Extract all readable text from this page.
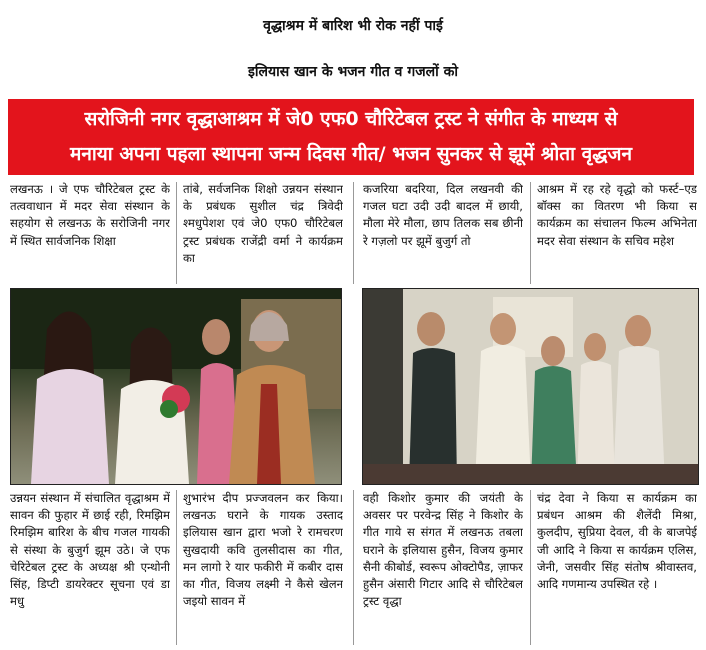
वृद्धाश्रम में बारिश भी रोक नहीं पाई
इलियास खान के भजन गीत व गजलों को
सरोजिनी नगर वृद्धाआश्रम में जे0 एफ0 चौरिटेबल ट्रस्ट ने संगीत के माध्यम से
मनाया अपना पहला स्थापना जन्म दिवस गीत/ भजन सुनकर से झूमें श्रोता वृद्धजन

लखनऊ । जे एफ चौरिटेबल ट्रस्ट के तत्ववाधान में मदर सेवा संस्थान के सहयोग से लखनऊ के सरोजिनी नगर में स्थित सार्वजनिक शिक्षा

तांबे, सर्वजनिक शिक्षो उन्नयन संस्थान के प्रबंधक सुशील चंद्र त्रिवेदी श्मधुपेशश एवं जे0 एफ0 चौरिटेबल ट्रस्ट प्रबंधक राजेंद्री वर्मा ने कार्यक्रम का

कजरिया बदरिया, दिल लखनवी की गजल घटा उदी उदी बादल में छायी, मौला मेरे मौला, छाप तिलक सब छीनी रे गज़लो पर झूमें बुजुर्ग तो

आश्रम में रह रहे वृद्धो को फर्स्ट–एड बॉक्स का वितरण भी किया स कार्यक्रम का संचालन फिल्म अभिनेता मदर सेवा संस्थान के सचिव महेश

उन्नयन संस्थान में संचालित वृद्धाश्रम में सावन की फुहार में छाई रही, रिमझिम रिमझिम बारिश के बीच गजल गायकी से संस्था के बुजुर्ग झूम उठे। जे एफ चेरिटेबल ट्रस्ट के अध्यक्ष श्री एन्थोनी सिंह, डिप्टी डायरेक्टर सूचना एवं डा मधु

शुभारंभ दीप प्रज्जवलन कर किया। लखनऊ घराने के गायक उस्ताद इलियास खान द्वारा भजो रे रामचरण सुखदायी कवि तुलसीदास का गीत, मन लागो रे यार फकीरी में कबीर दास का गीत, विजय लक्ष्मी ने कैसे खेलन जइयो सावन में

वही किशोर कुमार की जयंती के अवसर पर परवेन्द्र सिंह ने किशोर के गीत गाये स संगत में लखनऊ तबला घराने के इलियास हुसैन, विजय कुमार सैनी कीबोर्ड, स्वरूप ओक्टोपैड, ज़ाफर हुसैन अंसारी गिटार आदि से चौरिटेबल ट्रस्ट वृद्धा

चंद्र देवा ने किया स कार्यक्रम का प्रबंधन आश्रम की शैलेंदी मिश्रा, कुलदीप, सुप्रिया देवल, वी के बाजपेई जी आदि ने किया स कार्यक्रम एलिस, जेनी, जसवीर सिंह संतोष श्रीवास्तव, आदि गणमान्य उपस्थित रहे ।
